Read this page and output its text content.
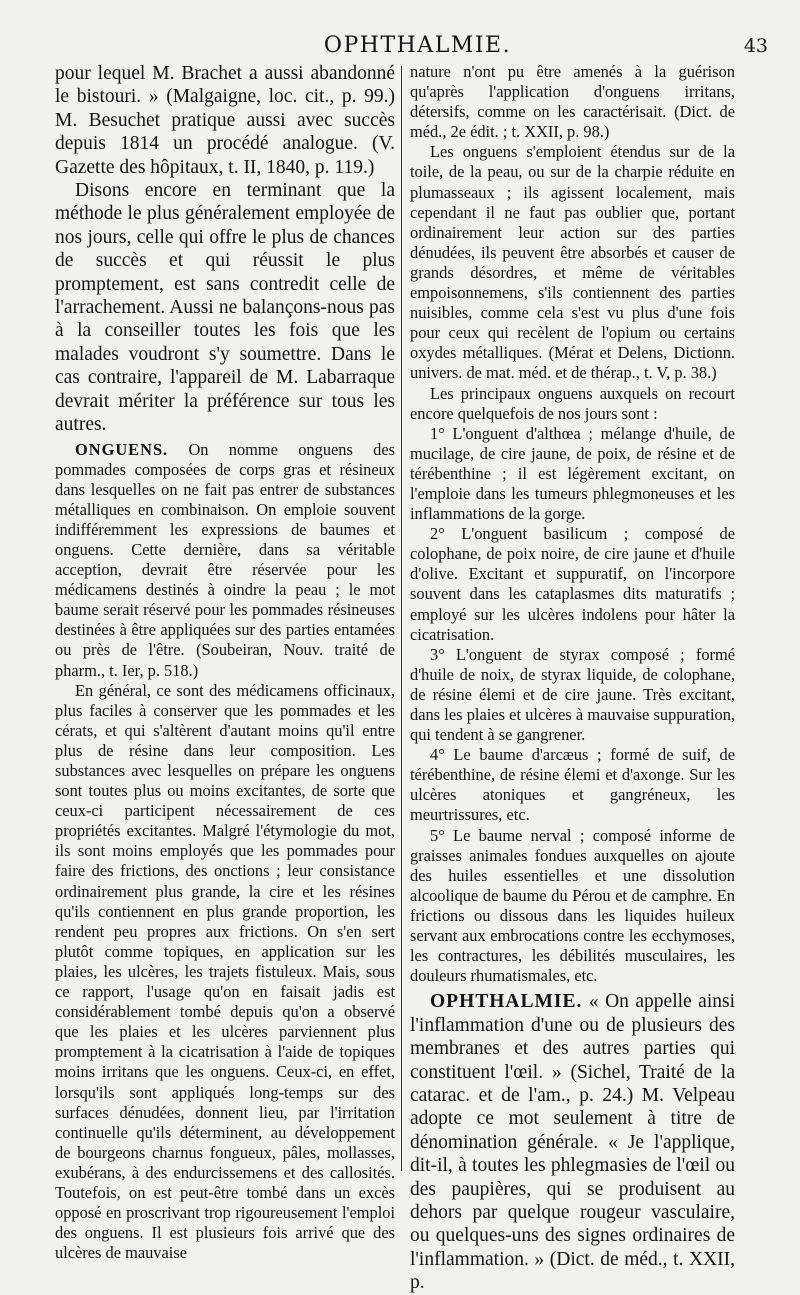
OPHTHALMIE.	43

pour lequel M. Brachet a aussi abandonné le bistouri. » (Malgaigne, loc. cit., p. 99.) M. Besuchet pratique aussi avec succès depuis 1814 un procédé analogue. (V. Gazette des hôpitaux, t. II, 1840, p. 119.)

Disons encore en terminant que la méthode le plus généralement employée de nos jours, celle qui offre le plus de chances de succès et qui réussit le plus promptement, est sans contredit celle de l'arrachement. Aussi ne balançons-nous pas à la conseiller toutes les fois que les malades voudront s'y soumettre. Dans le cas contraire, l'appareil de M. Labarraque devrait mériter la préférence sur tous les autres.

ONGUENS. On nomme onguens des pommades composées de corps gras et résineux dans lesquelles on ne fait pas entrer de substances métalliques en combinaison. On emploie souvent indifféremment les expressions de baumes et onguens. Cette dernière, dans sa véritable acception, devrait être réservée pour les médicamens destinés à oindre la peau ; le mot baume serait réservé pour les pommades résineuses destinées à être appliquées sur des parties entamées ou près de l'être. (Soubeiran, Nouv. traité de pharm., t. Ier, p. 518.)

En général, ce sont des médicamens officinaux, plus faciles à conserver que les pommades et les cérats, et qui s'altèrent d'autant moins qu'il entre plus de résine dans leur composition. Les substances avec lesquelles on prépare les onguens sont toutes plus ou moins excitantes, de sorte que ceux-ci participent nécessairement de ces propriétés excitantes. Malgré l'étymologie du mot, ils sont moins employés que les pommades pour faire des frictions, des onctions ; leur consistance ordinairement plus grande, la cire et les résines qu'ils contiennent en plus grande proportion, les rendent peu propres aux frictions. On s'en sert plutôt comme topiques, en application sur les plaies, les ulcères, les trajets fistuleux. Mais, sous ce rapport, l'usage qu'on en faisait jadis est considérablement tombé depuis qu'on a observé que les plaies et les ulcères parviennent plus promptement à la cicatrisation à l'aide de topiques moins irritans que les onguens. Ceux-ci, en effet, lorsqu'ils sont appliqués long-temps sur des surfaces dénudées, donnent lieu, par l'irritation continuelle qu'ils déterminent, au développement de bourgeons charnus fongueux, pâles, mollasses, exubérans, à des endurcissemens et des callosités. Toutefois, on est peut-être tombé dans un excès opposé en proscrivant trop rigoureusement l'emploi des onguens. Il est plusieurs fois arrivé que des ulcères de mauvaise

nature n'ont pu être amenés à la guérison qu'après l'application d'onguens irritans, détersifs, comme on les caractérisait. (Dict. de méd., 2e édit. ; t. XXII, p. 98.)

Les onguens s'emploient étendus sur de la toile, de la peau, ou sur de la charpie réduite en plumasseaux ; ils agissent localement, mais cependant il ne faut pas oublier que, portant ordinairement leur action sur des parties dénudées, ils peuvent être absorbés et causer de grands désordres, et même de véritables empoisonnemens, s'ils contiennent des parties nuisibles, comme cela s'est vu plus d'une fois pour ceux qui recèlent de l'opium ou certains oxydes métalliques. (Mérat et Delens, Dictionn. univers. de mat. méd. et de thérap., t. V, p. 38.)

Les principaux onguens auxquels on recourt encore quelquefois de nos jours sont :

1° L'onguent d'althœa ; mélange d'huile, de mucilage, de cire jaune, de poix, de résine et de térébenthine ; il est légèrement excitant, on l'emploie dans les tumeurs phlegmoneuses et les inflammations de la gorge.

2° L'onguent basilicum ; composé de colophane, de poix noire, de cire jaune et d'huile d'olive. Excitant et suppuratif, on l'incorpore souvent dans les cataplasmes dits maturatifs ; employé sur les ulcères indolens pour hâter la cicatrisation.

3° L'onguent de styrax composé ; formé d'huile de noix, de styrax liquide, de colophane, de résine élemi et de cire jaune. Très excitant, dans les plaies et ulcères à mauvaise suppuration, qui tendent à se gangrener.

4° Le baume d'arcæus ; formé de suif, de térébenthine, de résine élemi et d'axonge. Sur les ulcères atoniques et gangréneux, les meurtrissures, etc.

5° Le baume nerval ; composé informe de graisses animales fondues auxquelles on ajoute des huiles essentielles et une dissolution alcoolique de baume du Pérou et de camphre. En frictions ou dissous dans les liquides huileux servant aux embrocations contre les ecchymoses, les contractures, les débilités musculaires, les douleurs rhumatismales, etc.

OPHTHALMIE. « On appelle ainsi l'inflammation d'une ou de plusieurs des membranes et des autres parties qui constituent l'œil. » (Sichel, Traité de la catarac. et de l'am., p. 24.) M. Velpeau adopte ce mot seulement à titre de dénomination générale. « Je l'applique, dit-il, à toutes les phlegmasies de l'œil ou des paupières, qui se produisent au dehors par quelque rougeur vasculaire, ou quelques-uns des signes ordinaires de l'inflammation. » (Dict. de méd., t. XXII, p.
